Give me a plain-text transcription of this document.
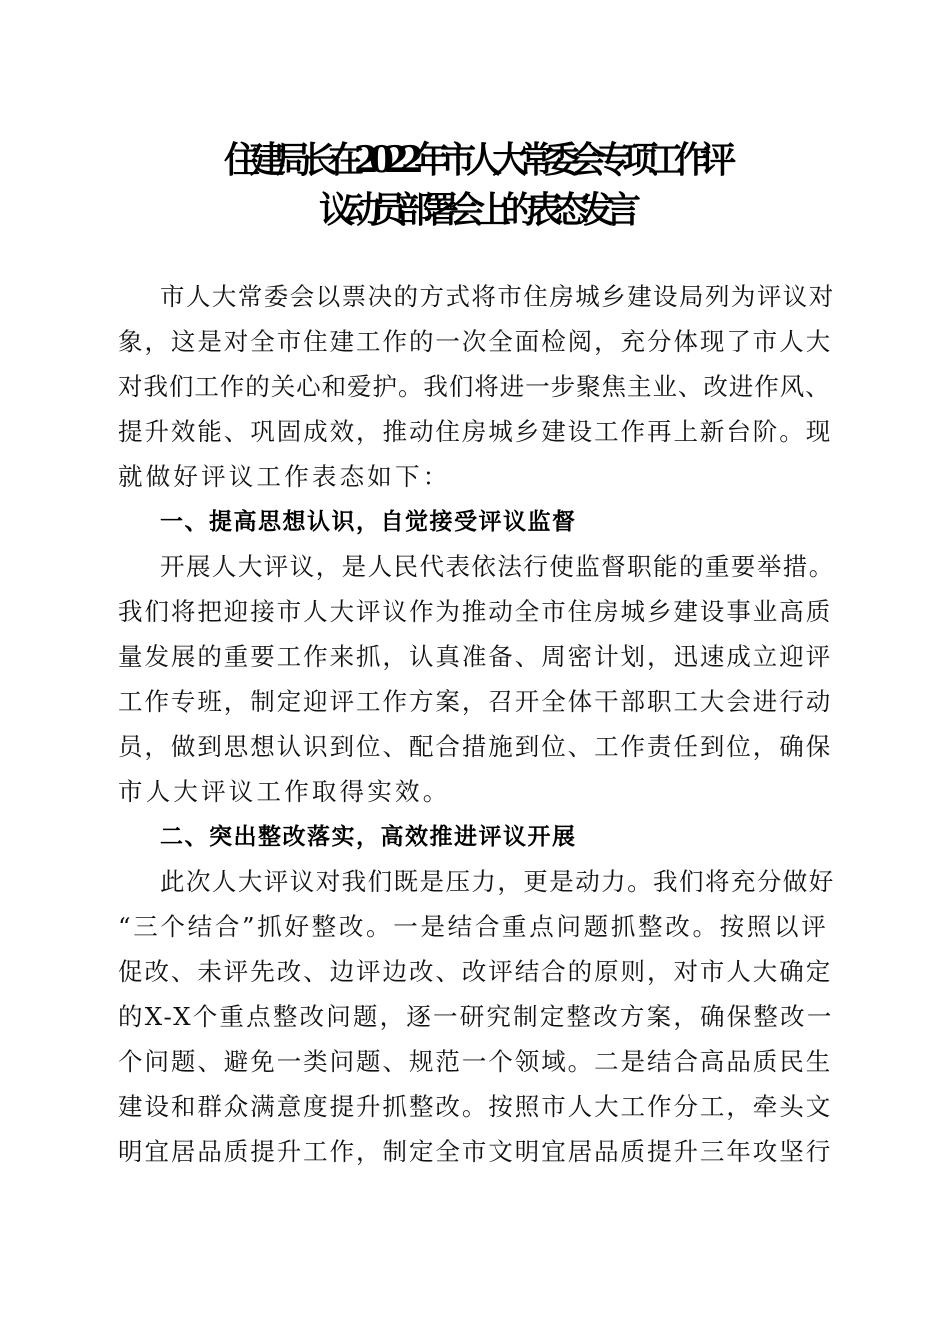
住建局长在2022年市人大常委会专项工作评
议动员部署会上的表态发言
市人大常委会以票决的方式将市住房城乡建设局列为评议对
象，这是对全市住建工作的一次全面检阅，充分体现了市人大
对我们工作的关心和爱护。我们将进一步聚焦主业、改进作风、
提升效能、巩固成效，推动住房城乡建设工作再上新台阶。现
就做好评议工作表态如下：
一、提高思想认识，自觉接受评议监督
开展人大评议，是人民代表依法行使监督职能的重要举措。
我们将把迎接市人大评议作为推动全市住房城乡建设事业高质
量发展的重要工作来抓，认真准备、周密计划，迅速成立迎评
工作专班，制定迎评工作方案，召开全体干部职工大会进行动
员，做到思想认识到位、配合措施到位、工作责任到位，确保
市人大评议工作取得实效。
二、突出整改落实，高效推进评议开展
此次人大评议对我们既是压力，更是动力。我们将充分做好
“三个结合”抓好整改。一是结合重点问题抓整改。按照以评
促改、未评先改、边评边改、改评结合的原则，对市人大确定
的X-X个重点整改问题，逐一研究制定整改方案，确保整改一
个问题、避免一类问题、规范一个领域。二是结合高品质民生
建设和群众满意度提升抓整改。按照市人大工作分工，牵头文
明宜居品质提升工作，制定全市文明宜居品质提升三年攻坚行
